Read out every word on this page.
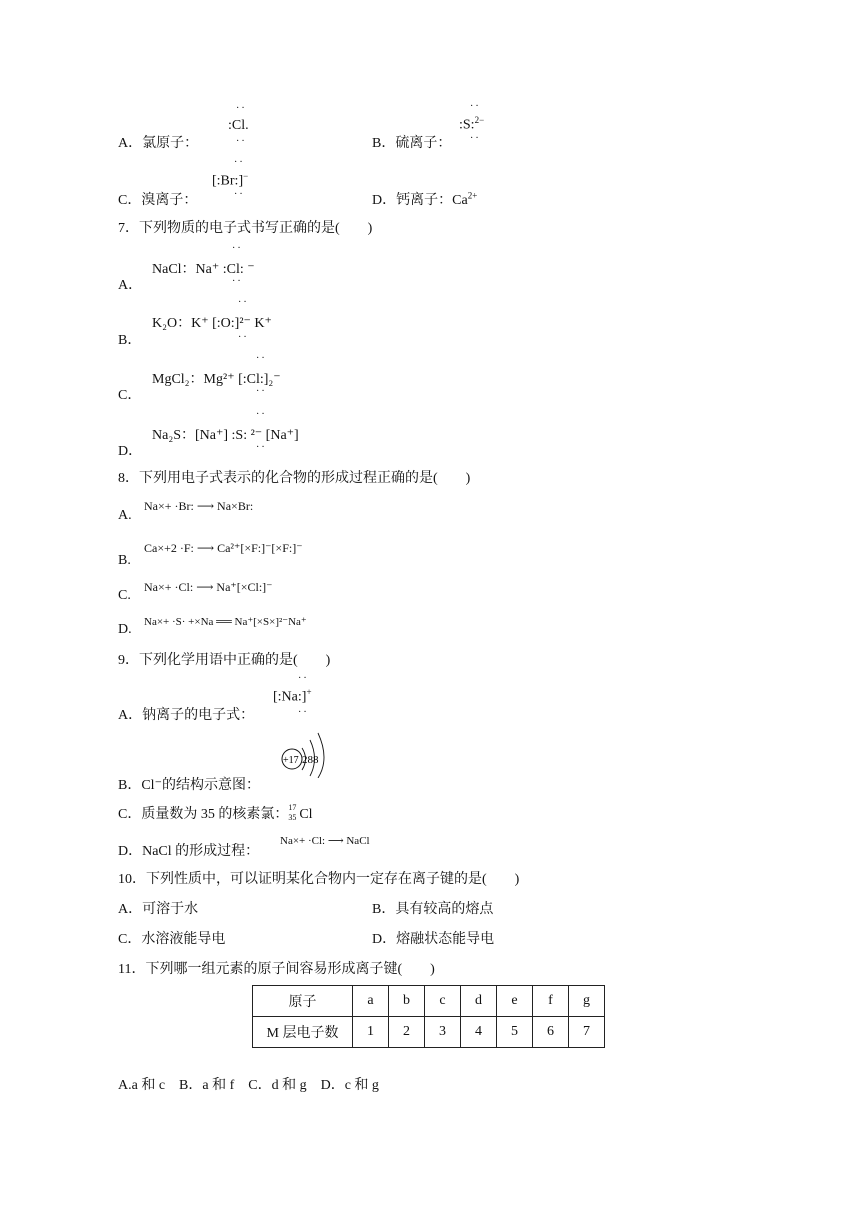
A．氯原子：
··
:Cl.
··	B．硫离子：
··
:S:$^{2-}$
··
C．溴离子：
··
[:Br:]−
··	D．钙离子：$Ca^{2+}$
7．下列物质的电子式书写正确的是(　　)
A．
··
NaCl：Na⁺ :Cl: ⁻
··
B．
··
K₂O：K⁺ [:O:]²⁻ K⁺
··
C．
··
MgCl₂：Mg²⁺ [:Cl:]₂⁻
··
D．
··
Na₂S：[Na⁺] :S: ²⁻ [Na⁺]
··
8．下列用电子式表示的化合物的形成过程正确的是(　　)
A.
Na×+ ·Br: ⟶ Na×Br:
B.
Ca×+2 ·F: ⟶ Ca²⁺[×F:]⁻[×F:]⁻
C.
Na×+ ·Cl: ⟶ Na⁺[×Cl:]⁻
D. Na×+ ·S· +×Na ══ Na⁺[×S×]²⁻Na⁺
9．下列化学用语中正确的是(　　)
A．钠离子的电子式：
··
[:Na:]+
··
B．Cl⁻的结构示意图：
+17 288
C．质量数为 35 的核素氯： 17
35 Cl
D．NaCl 的形成过程：
Na×+ ·Cl: ⟶ NaCl
10．下列性质中，可以证明某化合物内一定存在离子键的是(　　)
A．可溶于水	B．具有较高的熔点
C．水溶液能导电	D．熔融状态能导电
11．下列哪一组元素的原子间容易形成离子键(　　)
原子	a	b	c	d	e	f	g
M 层电子数	1	2	3	4	5	6	7
A.a 和 c　B．a 和 f　C．d 和 g　D．c 和 g
